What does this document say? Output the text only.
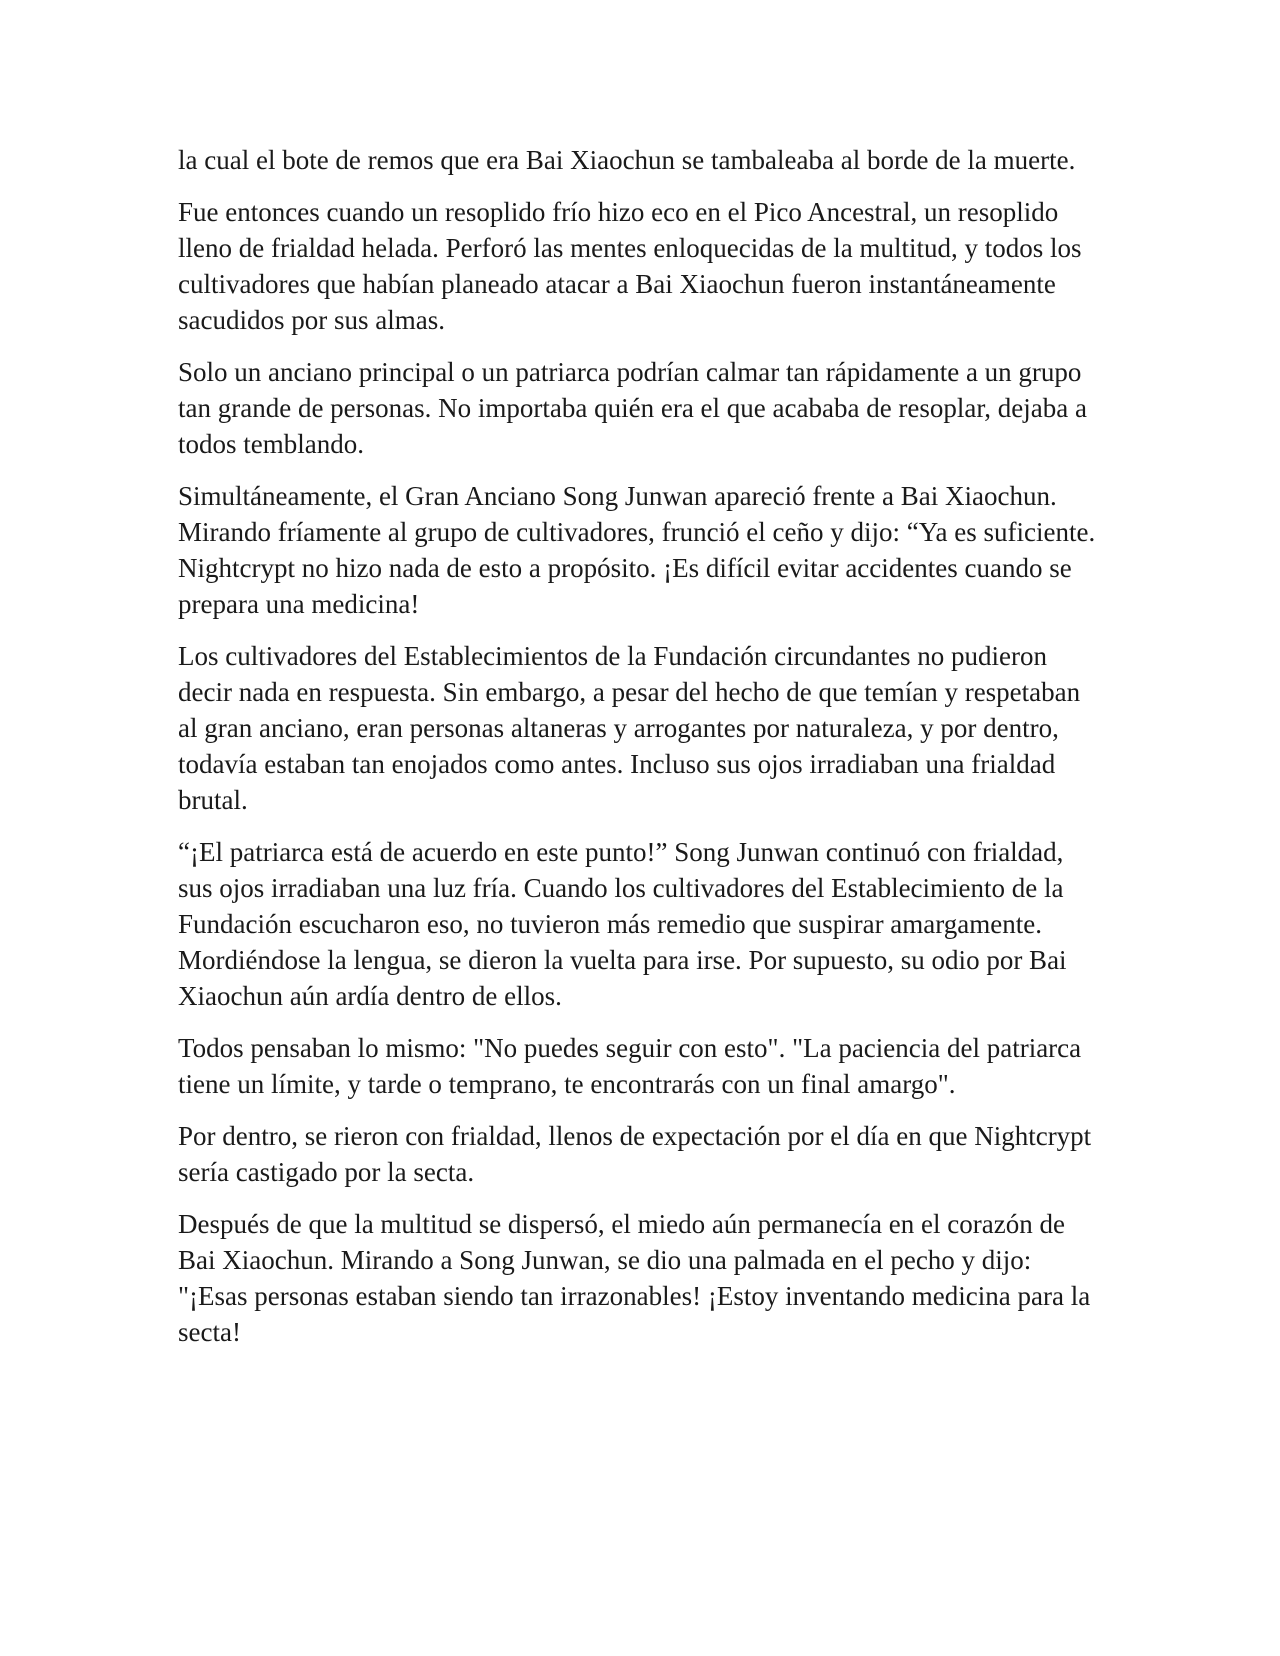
la cual el bote de remos que era Bai Xiaochun se tambaleaba al borde de la muerte.

Fue entonces cuando un resoplido frío hizo eco en el Pico Ancestral, un resoplido lleno de frialdad helada. Perforó las mentes enloquecidas de la multitud, y todos los cultivadores que habían planeado atacar a Bai Xiaochun fueron instantáneamente sacudidos por sus almas.

Solo un anciano principal o un patriarca podrían calmar tan rápidamente a un grupo tan grande de personas. No importaba quién era el que acababa de resoplar, dejaba a todos temblando.

Simultáneamente, el Gran Anciano Song Junwan apareció frente a Bai Xiaochun. Mirando fríamente al grupo de cultivadores, frunció el ceño y dijo: “Ya es suficiente. Nightcrypt no hizo nada de esto a propósito. ¡Es difícil evitar accidentes cuando se prepara una medicina!

Los cultivadores del Establecimientos de la Fundación circundantes no pudieron decir nada en respuesta. Sin embargo, a pesar del hecho de que temían y respetaban al gran anciano, eran personas altaneras y arrogantes por naturaleza, y por dentro, todavía estaban tan enojados como antes. Incluso sus ojos irradiaban una frialdad brutal.

“¡El patriarca está de acuerdo en este punto!” Song Junwan continuó con frialdad, sus ojos irradiaban una luz fría. Cuando los cultivadores del Establecimiento de la Fundación escucharon eso, no tuvieron más remedio que suspirar amargamente. Mordiéndose la lengua, se dieron la vuelta para irse. Por supuesto, su odio por Bai Xiaochun aún ardía dentro de ellos.

Todos pensaban lo mismo: "No puedes seguir con esto". "La paciencia del patriarca tiene un límite, y tarde o temprano, te encontrarás con un final amargo".

Por dentro, se rieron con frialdad, llenos de expectación por el día en que Nightcrypt sería castigado por la secta.

Después de que la multitud se dispersó, el miedo aún permanecía en el corazón de Bai Xiaochun. Mirando a Song Junwan, se dio una palmada en el pecho y dijo: "¡Esas personas estaban siendo tan irrazonables! ¡Estoy inventando medicina para la secta!
